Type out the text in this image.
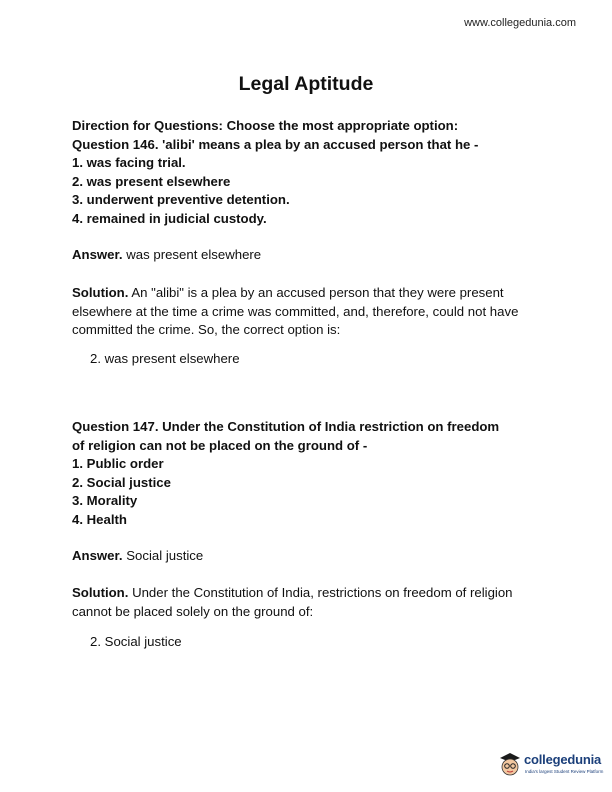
www.collegedunia.com
Legal Aptitude
Direction for Questions: Choose the most appropriate option:
Question 146. 'alibi' means a plea by an accused person that he -
1. was facing trial.
2. was present elsewhere
3. underwent preventive detention.
4. remained in judicial custody.
Answer. was present elsewhere
Solution. An "alibi" is a plea by an accused person that they were present elsewhere at the time a crime was committed, and, therefore, could not have committed the crime. So, the correct option is:
2. was present elsewhere
Question 147. Under the Constitution of India restriction on freedom
of religion can not be placed on the ground of -
1. Public order
2. Social justice
3. Morality
4. Health
Answer. Social justice
Solution. Under the Constitution of India, restrictions on freedom of religion cannot be placed solely on the ground of:
2. Social justice
collegedunia
India's largest Student Review Platform
